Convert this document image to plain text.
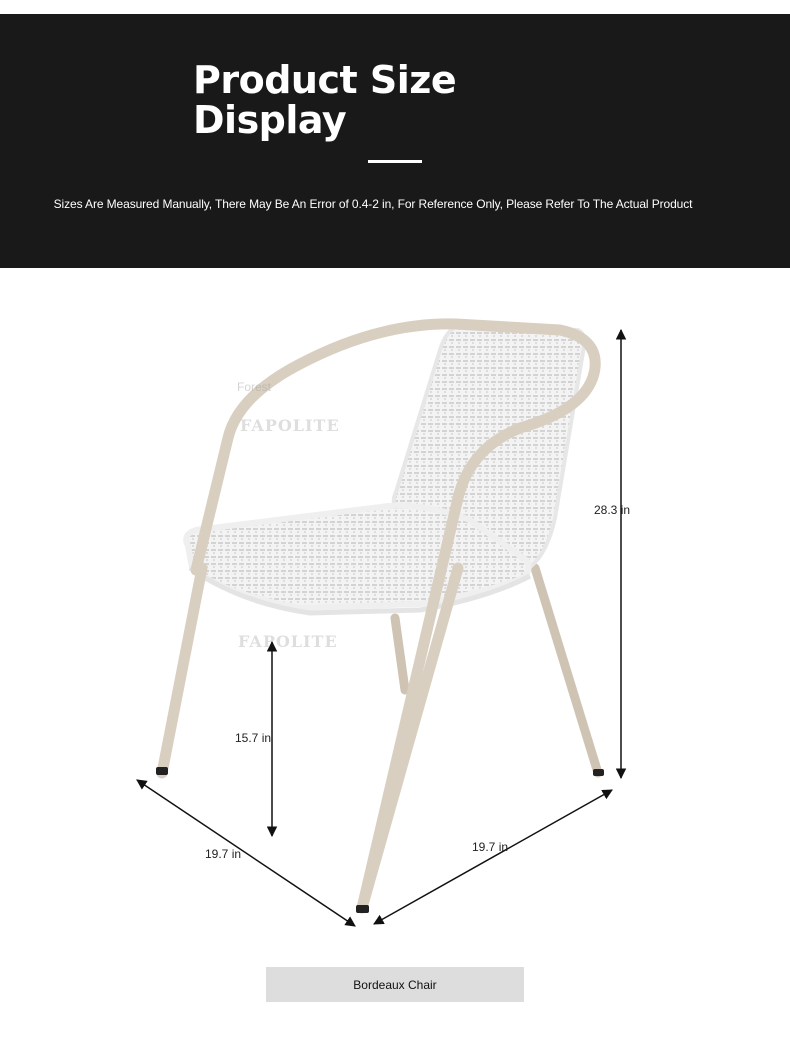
Product Size
Display

Sizes Are Measured Manually, There May Be An Error of 0.4-2 in, For Reference Only, Please Refer To The Actual Product

Forest
FAPOLITE
FAPOLITE
28.3 in
15.7 in
19.7 in	19.7 in
Bordeaux Chair
